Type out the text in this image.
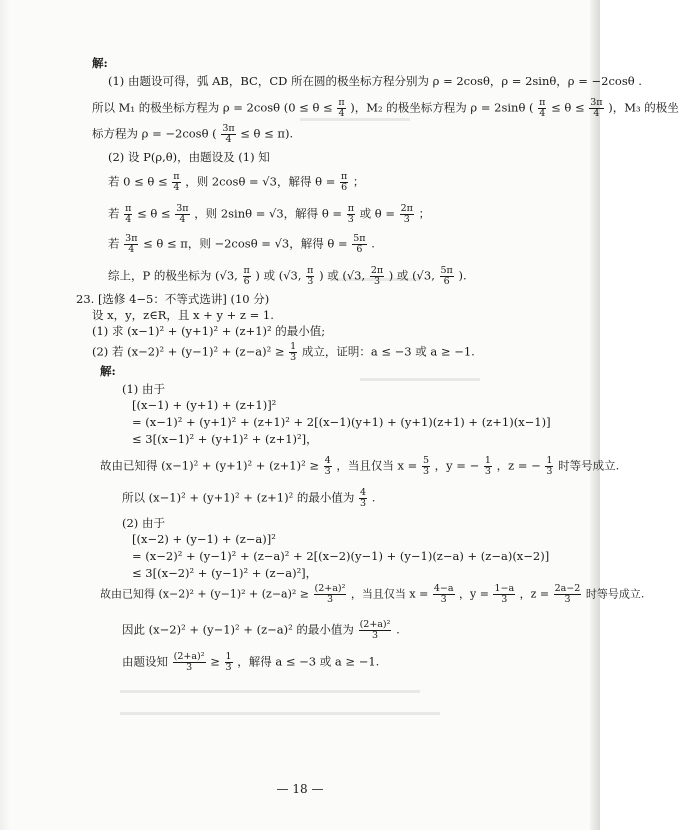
解:
(1) 由题设可得，弧 AB，BC，CD 所在圆的极坐标方程分别为 ρ = 2cosθ，ρ = 2sinθ，ρ = −2cosθ .
所以 M₁ 的极坐标方程为 ρ = 2cosθ ($0 \le \theta \le \frac{\pi}{4}$ )，M₂ 的极坐标方程为 ρ = 2sinθ ( $\frac{\pi}{4} \le \theta \le \frac{3\pi}{4}$ )，M₃ 的极坐
标方程为 ρ = −2cosθ ( $\frac{3\pi}{4} \le \theta \le \pi$).
(2) 设 P(ρ,θ)，由题设及 (1) 知
若 $0 \le \theta \le \frac{\pi}{4}$ ，则 2cosθ = √3，解得 $\theta = \frac{\pi}{6}$ ；
若 $\frac{\pi}{4} \le \theta \le \frac{3\pi}{4}$ ，则 2sinθ = √3，解得 $\theta = \frac{\pi}{3}$ 或 $\theta = \frac{2\pi}{3}$ ；
若 $\frac{3\pi}{4} \le \theta \le \pi$，则 −2cosθ = √3，解得 $\theta = \frac{5\pi}{6}$ .
综上，P 的极坐标为 (√3, $\frac{\pi}{6}$ ) 或 (√3, $\frac{\pi}{3}$ ) 或 (√3, $\frac{2\pi}{3}$ ) 或 (√3, $\frac{5\pi}{6}$ ).
23. [选修 4−5：不等式选讲] (10 分)
设 x，y，z∈R，且 x + y + z = 1.
(1) 求 (x−1)² + (y+1)² + (z+1)² 的最小值;
(2) 若 $(x-2)^2 + (y-1)^2 + (z-a)^2 \ge \frac{1}{3}$ 成立，证明：a ≤ −3 或 a ≥ −1.
解:
(1) 由于
[(x−1) + (y+1) + (z+1)]²
= (x−1)² + (y+1)² + (z+1)² + 2[(x−1)(y+1) + (y+1)(z+1) + (z+1)(x−1)]
≤ 3[(x−1)² + (y+1)² + (z+1)²]，
故由已知得 $(x-1)^2 + (y+1)^2 + (z+1)^2 \ge \frac{4}{3}$ ，当且仅当 $x = \frac{5}{3}$ ，y = − $\frac{1}{3}$ ，z = − $\frac{1}{3}$ 时等号成立.
所以 (x−1)² + (y+1)² + (z+1)² 的最小值为 $\frac{4}{3}$ .
(2) 由于
[(x−2) + (y−1) + (z−a)]²
= (x−2)² + (y−1)² + (z−a)² + 2[(x−2)(y−1) + (y−1)(z−a) + (z−a)(x−2)]
≤ 3[(x−2)² + (y−1)² + (z−a)²]，
故由已知得 $(x-2)^2 + (y-1)^2 + (z-a)^2 \ge \frac{\text{(2+a)²}}{3}$ ，当且仅当 $x = \frac{4-a}{3}$ ，$y = \frac{1-a}{3}$ ，$z = \frac{2a-2}{3}$ 时等号成立.
因此 (x−2)² + (y−1)² + (z−a)² 的最小值为 $\frac{\text{(2+a)²}}{3}$ .
由题设知 $\frac{\text{(2+a)²}}{3} \ge \frac{1}{3}$ ，解得 a ≤ −3 或 a ≥ −1.
— 18 —
